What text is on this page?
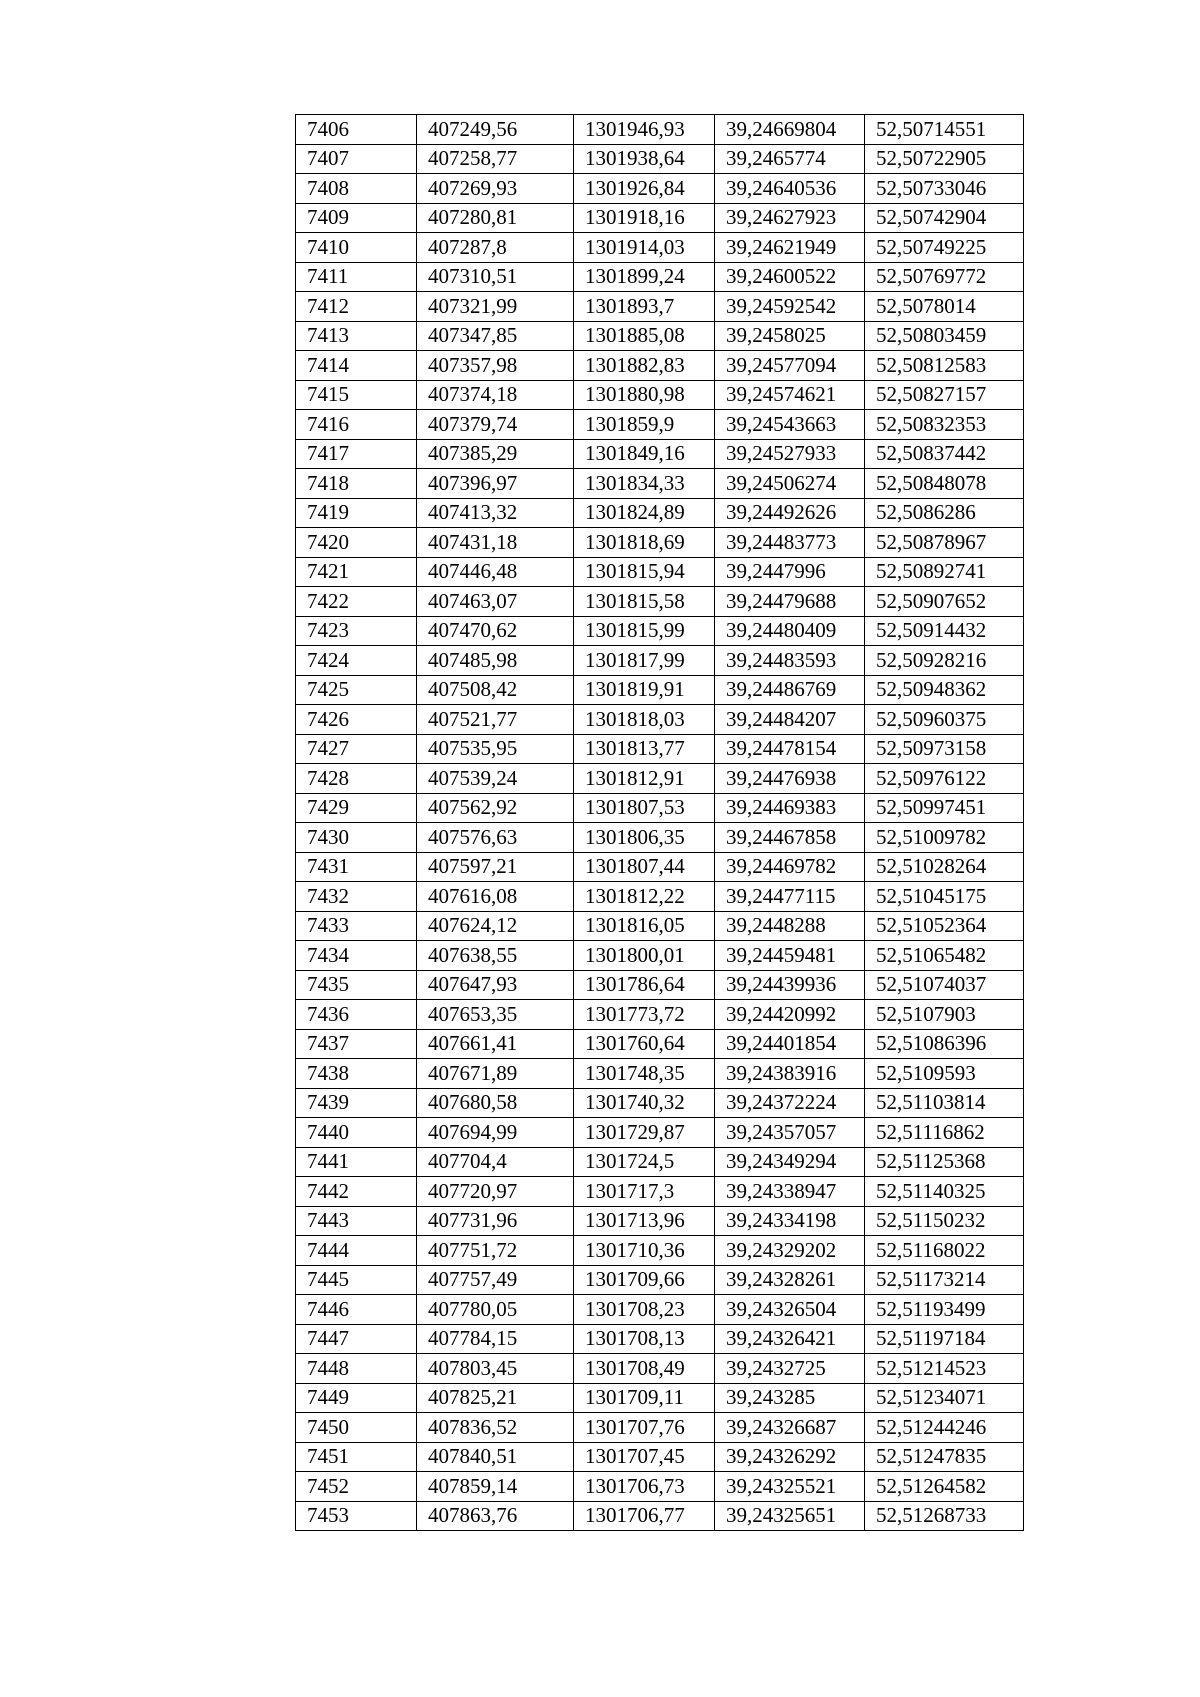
7406	407249,56	1301946,93	39,24669804	52,50714551
7407	407258,77	1301938,64	39,2465774	52,50722905
7408	407269,93	1301926,84	39,24640536	52,50733046
7409	407280,81	1301918,16	39,24627923	52,50742904
7410	407287,8	1301914,03	39,24621949	52,50749225
7411	407310,51	1301899,24	39,24600522	52,50769772
7412	407321,99	1301893,7	39,24592542	52,5078014
7413	407347,85	1301885,08	39,2458025	52,50803459
7414	407357,98	1301882,83	39,24577094	52,50812583
7415	407374,18	1301880,98	39,24574621	52,50827157
7416	407379,74	1301859,9	39,24543663	52,50832353
7417	407385,29	1301849,16	39,24527933	52,50837442
7418	407396,97	1301834,33	39,24506274	52,50848078
7419	407413,32	1301824,89	39,24492626	52,5086286
7420	407431,18	1301818,69	39,24483773	52,50878967
7421	407446,48	1301815,94	39,2447996	52,50892741
7422	407463,07	1301815,58	39,24479688	52,50907652
7423	407470,62	1301815,99	39,24480409	52,50914432
7424	407485,98	1301817,99	39,24483593	52,50928216
7425	407508,42	1301819,91	39,24486769	52,50948362
7426	407521,77	1301818,03	39,24484207	52,50960375
7427	407535,95	1301813,77	39,24478154	52,50973158
7428	407539,24	1301812,91	39,24476938	52,50976122
7429	407562,92	1301807,53	39,24469383	52,50997451
7430	407576,63	1301806,35	39,24467858	52,51009782
7431	407597,21	1301807,44	39,24469782	52,51028264
7432	407616,08	1301812,22	39,24477115	52,51045175
7433	407624,12	1301816,05	39,2448288	52,51052364
7434	407638,55	1301800,01	39,24459481	52,51065482
7435	407647,93	1301786,64	39,24439936	52,51074037
7436	407653,35	1301773,72	39,24420992	52,5107903
7437	407661,41	1301760,64	39,24401854	52,51086396
7438	407671,89	1301748,35	39,24383916	52,5109593
7439	407680,58	1301740,32	39,24372224	52,51103814
7440	407694,99	1301729,87	39,24357057	52,51116862
7441	407704,4	1301724,5	39,24349294	52,51125368
7442	407720,97	1301717,3	39,24338947	52,51140325
7443	407731,96	1301713,96	39,24334198	52,51150232
7444	407751,72	1301710,36	39,24329202	52,51168022
7445	407757,49	1301709,66	39,24328261	52,51173214
7446	407780,05	1301708,23	39,24326504	52,51193499
7447	407784,15	1301708,13	39,24326421	52,51197184
7448	407803,45	1301708,49	39,2432725	52,51214523
7449	407825,21	1301709,11	39,243285	52,51234071
7450	407836,52	1301707,76	39,24326687	52,51244246
7451	407840,51	1301707,45	39,24326292	52,51247835
7452	407859,14	1301706,73	39,24325521	52,51264582
7453	407863,76	1301706,77	39,24325651	52,51268733
